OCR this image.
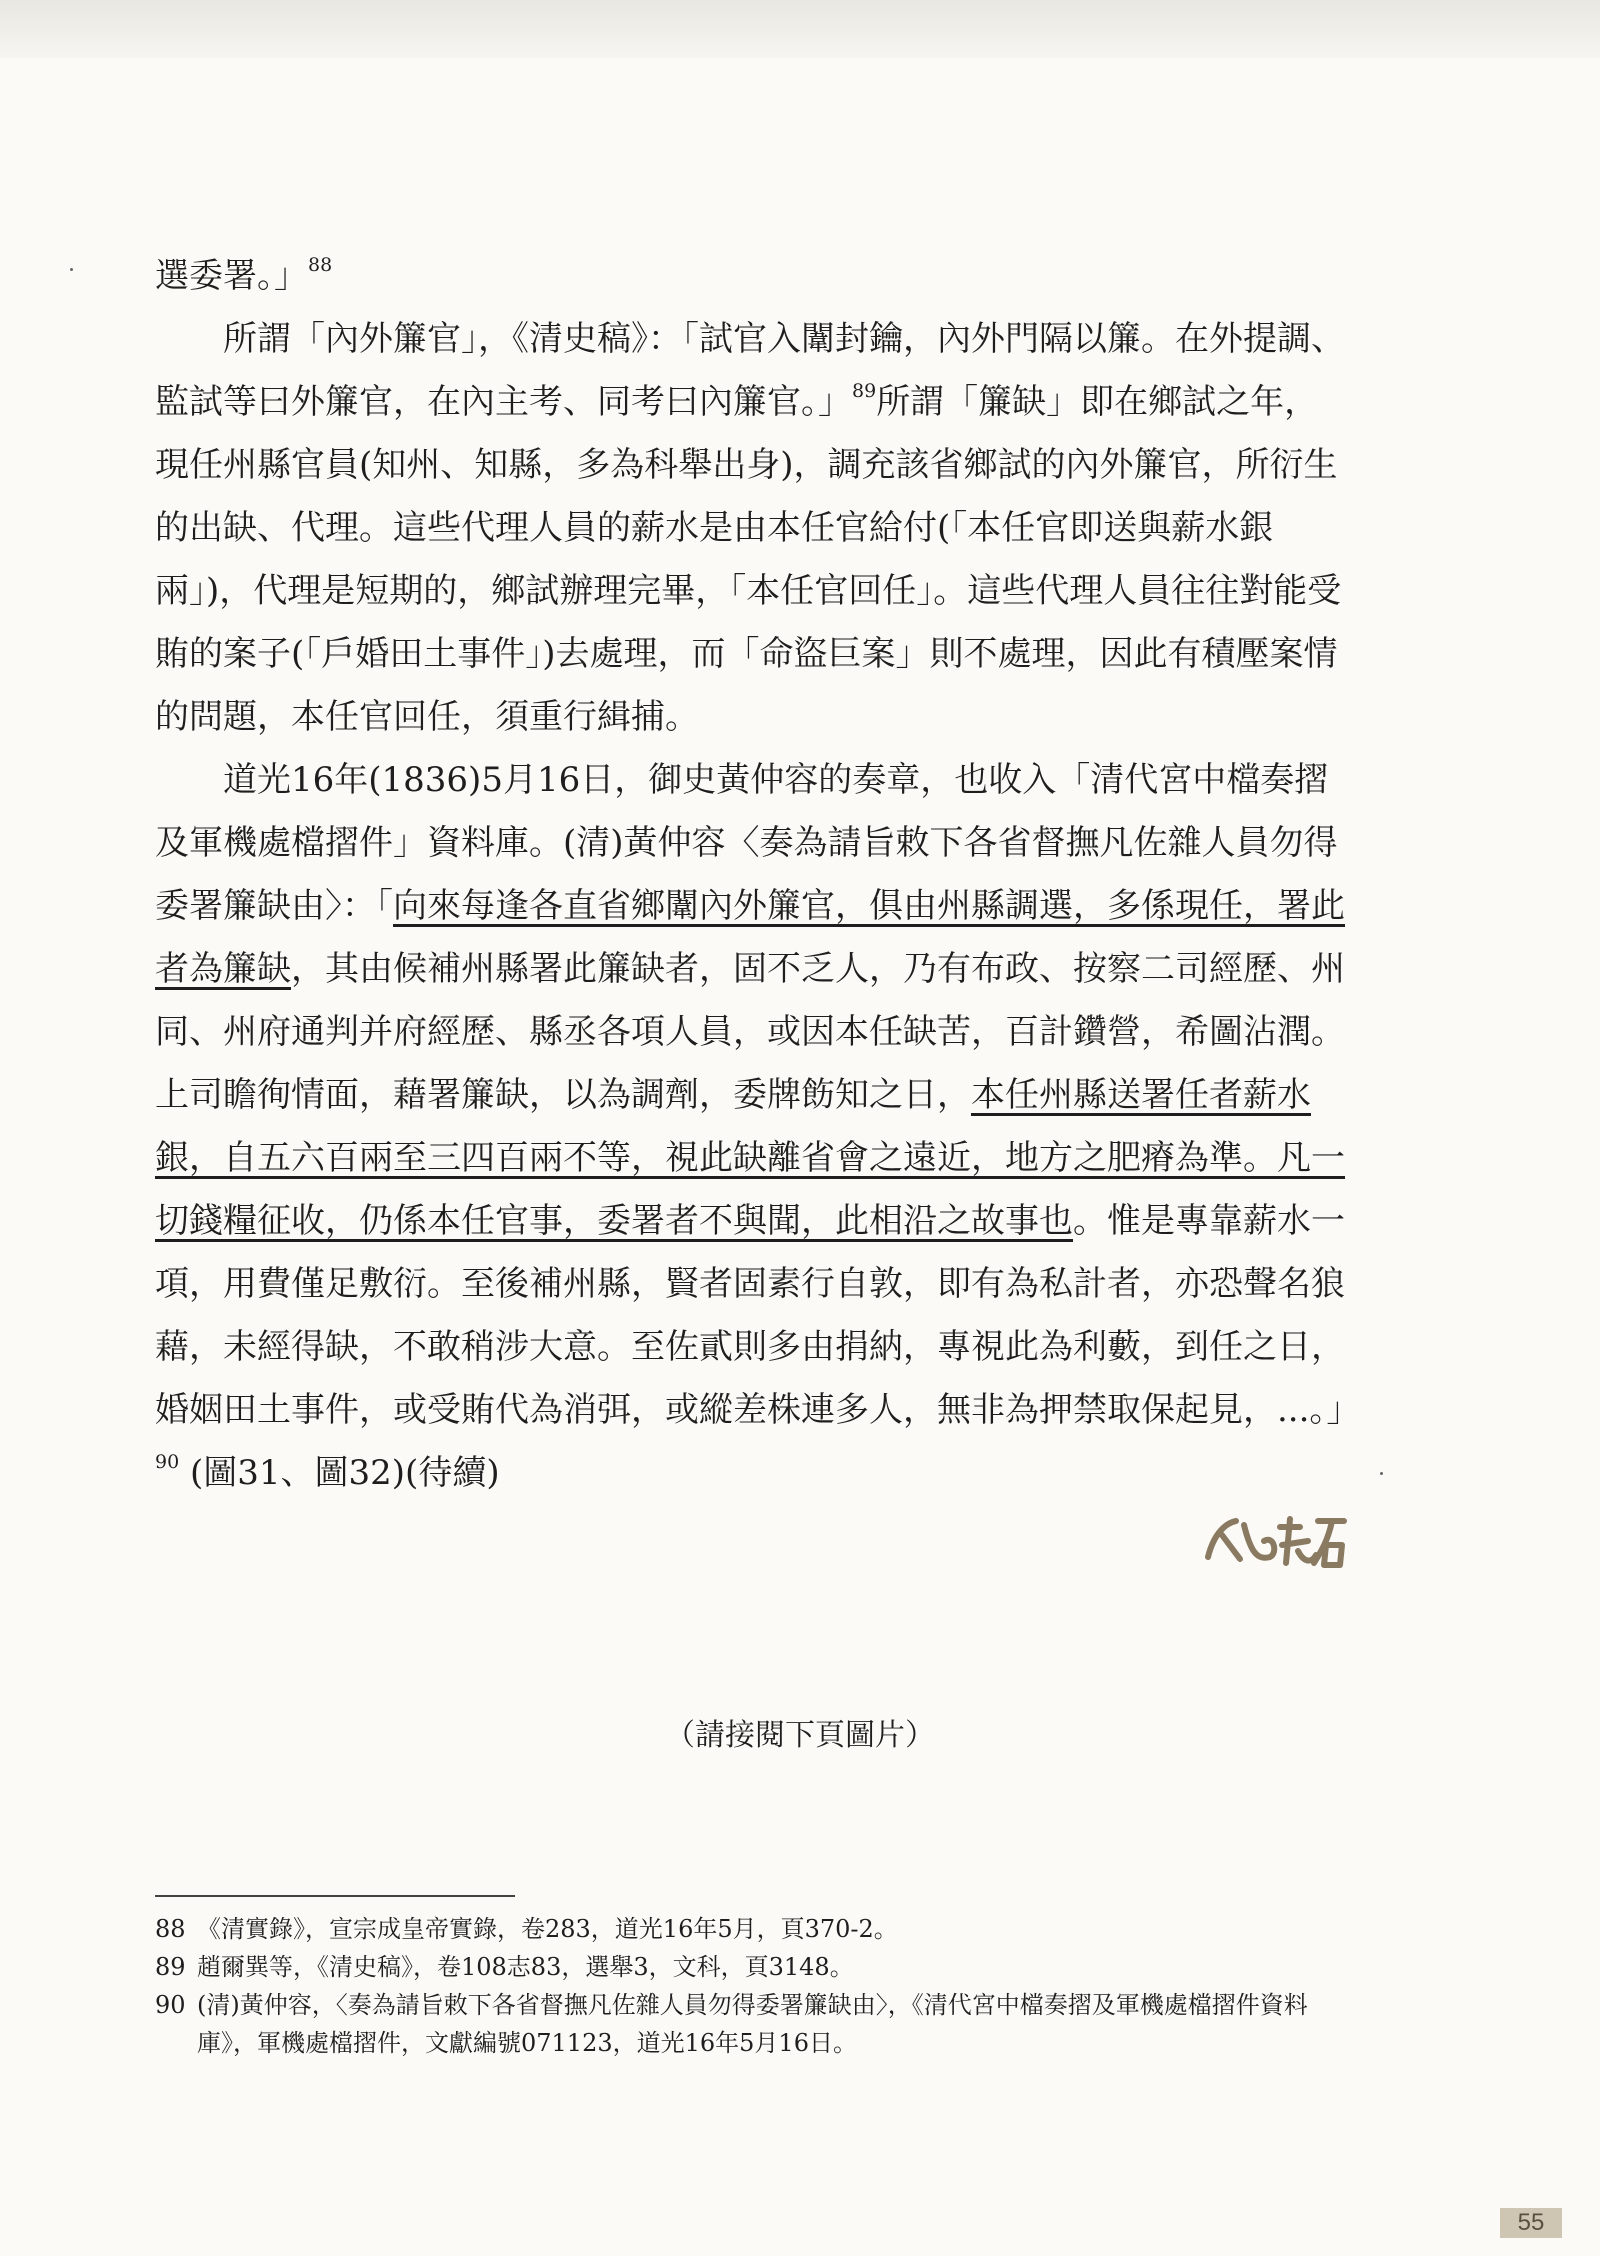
選委署。」$^{88}$

所謂「內外簾官」，《清史稿》：「試官入闈封鑰，內外門隔以簾。在外提調、監試等曰外簾官，在內主考、同考曰內簾官。」$^{89}$所謂「簾缺」即在鄉試之年，現任州縣官員(知州、知縣，多為科舉出身)，調充該省鄉試的內外簾官，所衍生的出缺、代理。這些代理人員的薪水是由本任官給付(「本任官即送與薪水銀兩」)，代理是短期的，鄉試辦理完畢，「本任官回任」。這些代理人員往往對能受賄的案子(「戶婚田土事件」)去處理，而「命盜巨案」則不處理，因此有積壓案情的問題，本任官回任，須重行緝捕。

道光16年(1836)5月16日，御史黃仲容的奏章，也收入「清代宮中檔奏摺及軍機處檔摺件」資料庫。(清)黃仲容〈奏為請旨敕下各省督撫凡佐雜人員勿得委署簾缺由〉：「向來每逢各直省鄉闈內外簾官，俱由州縣調選，多係現任，署此者為簾缺，其由候補州縣署此簾缺者，固不乏人，乃有布政、按察二司經歷、州同、州府通判并府經歷、縣丞各項人員，或因本任缺苦，百計鑽營，希圖沾潤。上司瞻徇情面，藉署簾缺，以為調劑，委牌飭知之日，本任州縣送署任者薪水銀，自五六百兩至三四百兩不等，視此缺離省會之遠近，地方之肥瘠為準。凡一切錢糧征收，仍係本任官事，委署者不與聞，此相沿之故事也。惟是專靠薪水一項，用費僅足敷衍。至後補州縣，賢者固素行自敦，即有為私計者，亦恐聲名狼藉，未經得缺，不敢稍涉大意。至佐貳則多由捐納，專視此為利藪，到任之日，婚姻田土事件，或受賄代為消弭，或縱差株連多人，無非為押禁取保起見，...。」$^{90}$ (圖31、圖32)(待續)

（請接閱下頁圖片）
88 《清實錄》，宣宗成皇帝實錄，卷283，道光16年5月，頁370-2。
89 趙爾巽等，《清史稿》，卷108志83，選舉3，文科，頁3148。
90 (清)黃仲容，〈奏為請旨敕下各省督撫凡佐雜人員勿得委署簾缺由〉，《清代宮中檔奏摺及軍機處檔摺件資料庫》，軍機處檔摺件，文獻編號071123，道光16年5月16日。
55
